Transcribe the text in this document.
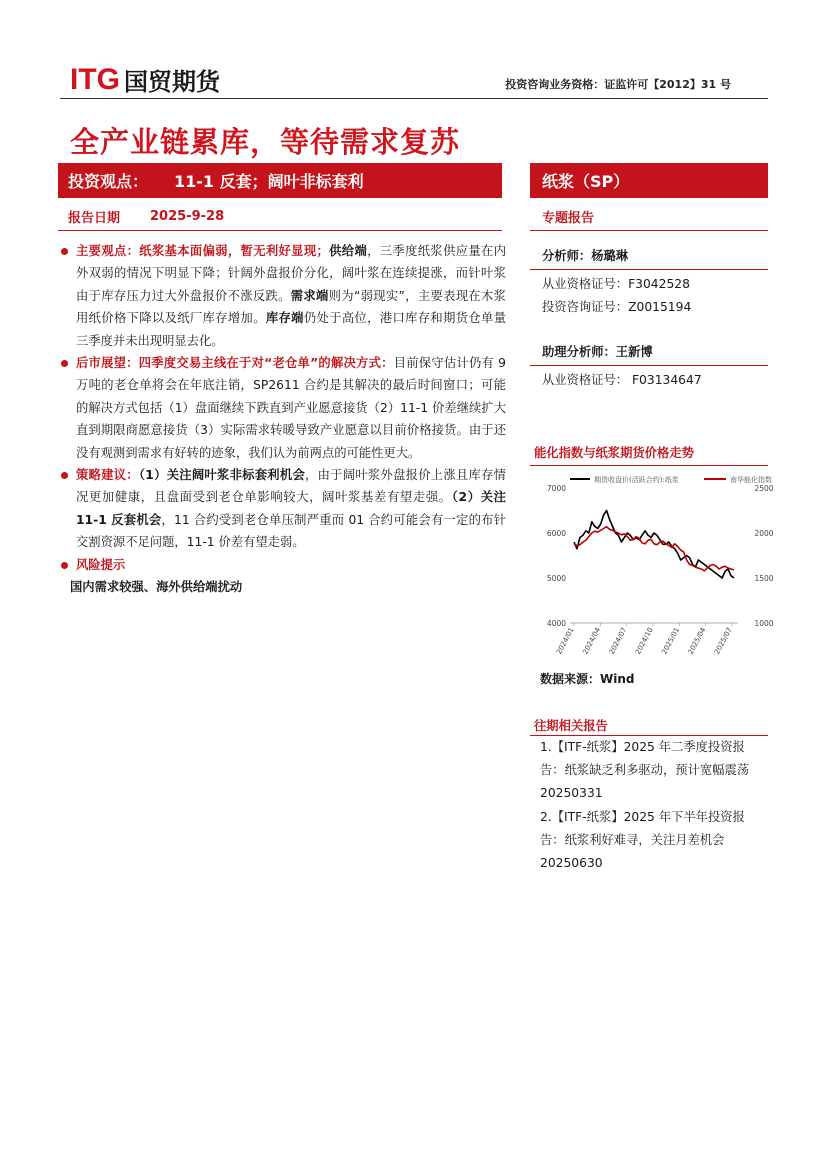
ITG 国贸期货	投资咨询业务资格：证监许可【2012】31 号
全产业链累库，等待需求复苏
投资观点： 11-1 反套；阔叶非标套利	纸浆（SP）
报告日期 2025-9-28	专题报告

主要观点：纸浆基本面偏弱，暂无利好显现；供给端，三季度纸浆供应量在内外双弱的情况下明显下降；针阔外盘报价分化，阔叶浆在连续提涨，而针叶浆由于库存压力过大外盘报价不涨反跌。需求端则为“弱现实”，主要表现在木浆用纸价格下降以及纸厂库存增加。库存端仍处于高位，港口库存和期货仓单量三季度并未出现明显去化。

后市展望：四季度交易主线在于对“老仓单”的解决方式：目前保守估计仍有 9 万吨的老仓单将会在年底注销，SP2611 合约是其解决的最后时间窗口；可能的解决方式包括（1）盘面继续下跌直到产业愿意接货（2）11-1 价差继续扩大直到期限商愿意接货（3）实际需求转暖导致产业愿意以目前价格接货。由于还没有观测到需求有好转的迹象，我们认为前两点的可能性更大。

策略建议：（1）关注阔叶浆非标套利机会，由于阔叶浆外盘报价上涨且库存情况更加健康，且盘面受到老仓单影响较大，阔叶浆基差有望走强。（2）关注 11-1 反套机会，11 合约受到老仓单压制严重而 01 合约可能会有一定的布针交割资源不足问题，11-1 价差有望走弱。

风险提示

国内需求较强、海外供给端扰动

分析师：杨璐琳
从业资格证号：F3042528
投资咨询证号：Z0015194
助理分析师：王新博
从业资格证号： F03134647
能化指数与纸浆期货价格走势
期货收盘价(活跃合约):纸浆	南华能化指数
4000
5000
6000
7000
1000
1500
2000
2500
2024/01 2024/04 2024/07 2024/10 2025/01 2025/04 2025/07
数据来源：Wind
往期相关报告

1.【ITF-纸浆】2025 年二季度投资报告：纸浆缺乏利多驱动，预计宽幅震荡 20250331

2.【ITF-纸浆】2025 年下半年投资报告：纸浆利好难寻，关注月差机会 20250630
